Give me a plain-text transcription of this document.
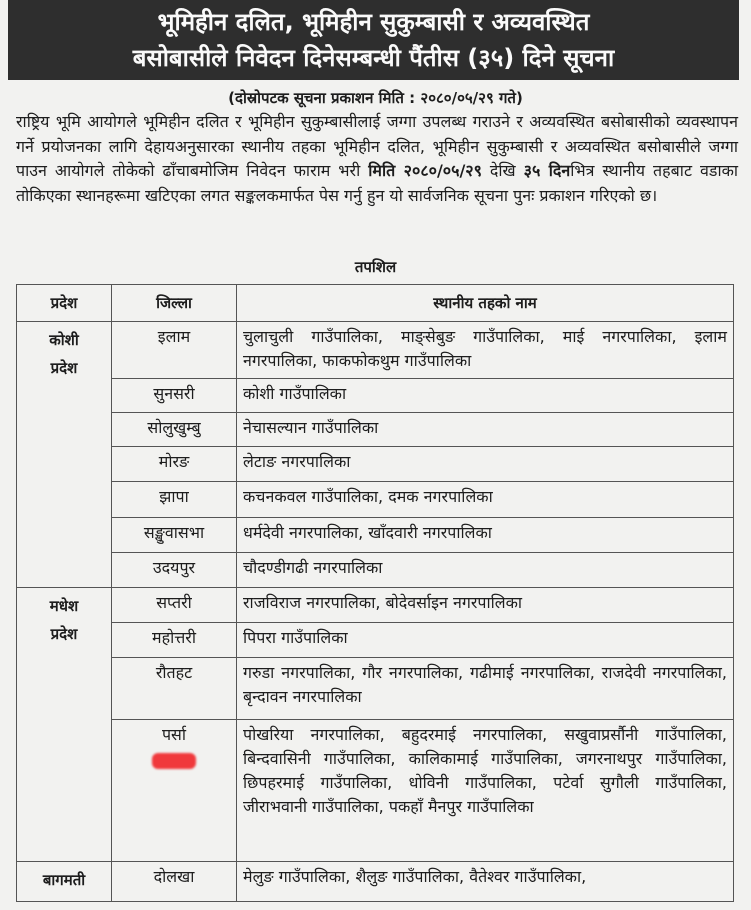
भूमिहीन दलित, भूमिहीन सुकुम्बासी र अव्यवस्थित
बसोबासीले निवेदन दिनेसम्बन्धी पैंतीस (३५) दिने सूचना
(दोस्रोपटक सूचना प्रकाशन मिति : २०८०/०५/२९ गते)
राष्ट्रिय भूमि आयोगले भूमिहीन दलित र भूमिहीन सुकुम्बासीलाई जग्गा उपलब्ध गराउने र अव्यवस्थित बसोबासीको व्यवस्थापन गर्ने प्रयोजनका लागि देहायअनुसारका स्थानीय तहका भूमिहीन दलित, भूमिहीन सुकुम्बासी र अव्यवस्थित बसोबासीले जग्गा पाउन आयोगले तोकेको ढाँचाबमोजिम निवेदन फाराम भरी मिति २०८०/०५/२९ देखि ३५ दिनभित्र स्थानीय तहबाट वडाका तोकिएका स्थानहरूमा खटिएका लगत सङ्कलकमार्फत पेस गर्नु हुन यो सार्वजनिक सूचना पुनः प्रकाशन गरिएको छ।
तपशिल
प्रदेश	जिल्ला	स्थानीय तहको नाम

कोशी
प्रदेश	इलाम	चुलाचुली गाउँपालिका, माङ्सेबुङ गाउँपालिका, माई नगरपालिका, इलाम नगरपालिका, फाकफोकथुम गाउँपालिका
	सुनसरी	कोशी गाउँपालिका
	सोलुखुम्बु	नेचासल्यान गाउँपालिका
	मोरङ	लेटाङ नगरपालिका
	झापा	कचनकवल गाउँपालिका, दमक नगरपालिका
	सङ्खुवासभा	धर्मदेवी नगरपालिका, खाँदवारी नगरपालिका
	उदयपुर	चौदण्डीगढी नगरपालिका

मधेश
प्रदेश	सप्तरी	राजविराज नगरपालिका, बोदेवर्साइन नगरपालिका
	महोत्तरी	पिपरा गाउँपालिका
	रौतहट	गरुडा नगरपालिका, गौर नगरपालिका, गढीमाई नगरपालिका, राजदेवी नगरपालिका, बृन्दावन नगरपालिका

	पर्सा	पोखरिया नगरपालिका, बहुदरमाई नगरपालिका, सखुवाप्रर्सौनी गाउँपालिका, बिन्दवासिनी गाउँपालिका, कालिकामाई गाउँपालिका, जगरनाथपुर गाउँपालिका, छिपहरमाई गाउँपालिका, धोविनी गाउँपालिका, पटेर्वा सुगौली गाउँपालिका, जीराभवानी गाउँपालिका, पकहाँ मैनपुर गाउँपालिका

बागमती	दोलखा	मेलुङ गाउँपालिका, शैलुङ गाउँपालिका, वैतेश्वर गाउँपालिका,
